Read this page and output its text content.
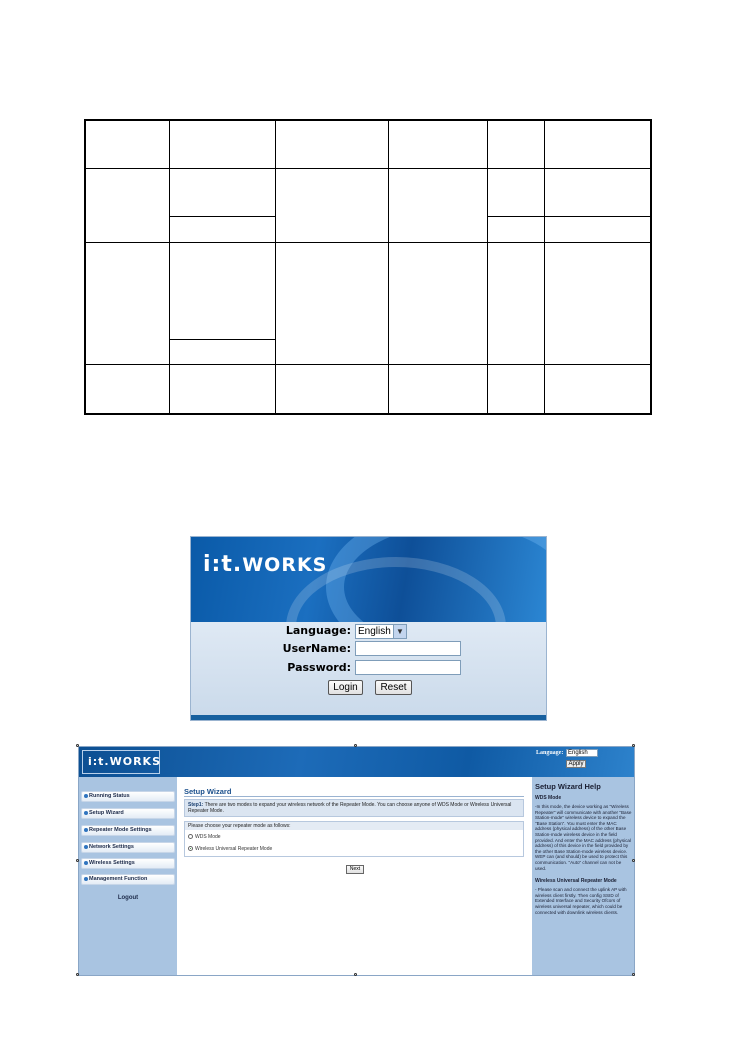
i:t.WORKS
Language: English ▼
UserName:
Password:
Login	Reset
i:t.WORKS
Language: English
Apply
Running Status
Setup Wizard
Repeater Mode Settings
Network Settings
Wireless Settings
Management Function
Logout
Setup Wizard
Step1: There are two modes to expand your wireless network of the Repeater Mode. You can choose anyone of WDS Mode or Wireless Universal Repeater Mode.
Please choose your repeater mode as follows:
WDS Mode
Wireless Universal Repeater Mode
Next
Setup Wizard Help
WDS Mode
-In this mode, the device working as "Wireless Repeater" will communicate with another "Base Station-mode" wireless device to expand the "Base Station". You must enter the MAC address (physical address) of the other Base Station-mode wireless device in the field provided. And enter the MAC address (physical address) of this device in the field provided by the other Base Station-mode wireless device. WEP can (and should) be used to protect this communication. "Auto" channel can not be used.
Wireless Universal Repeater Mode
- Please scan and connect the uplink AP with wireless client firstly. Then config SSID of Extended Interface and Security Ofcors of wireless universal repeater, which could be connected with downlink wireless clients.
